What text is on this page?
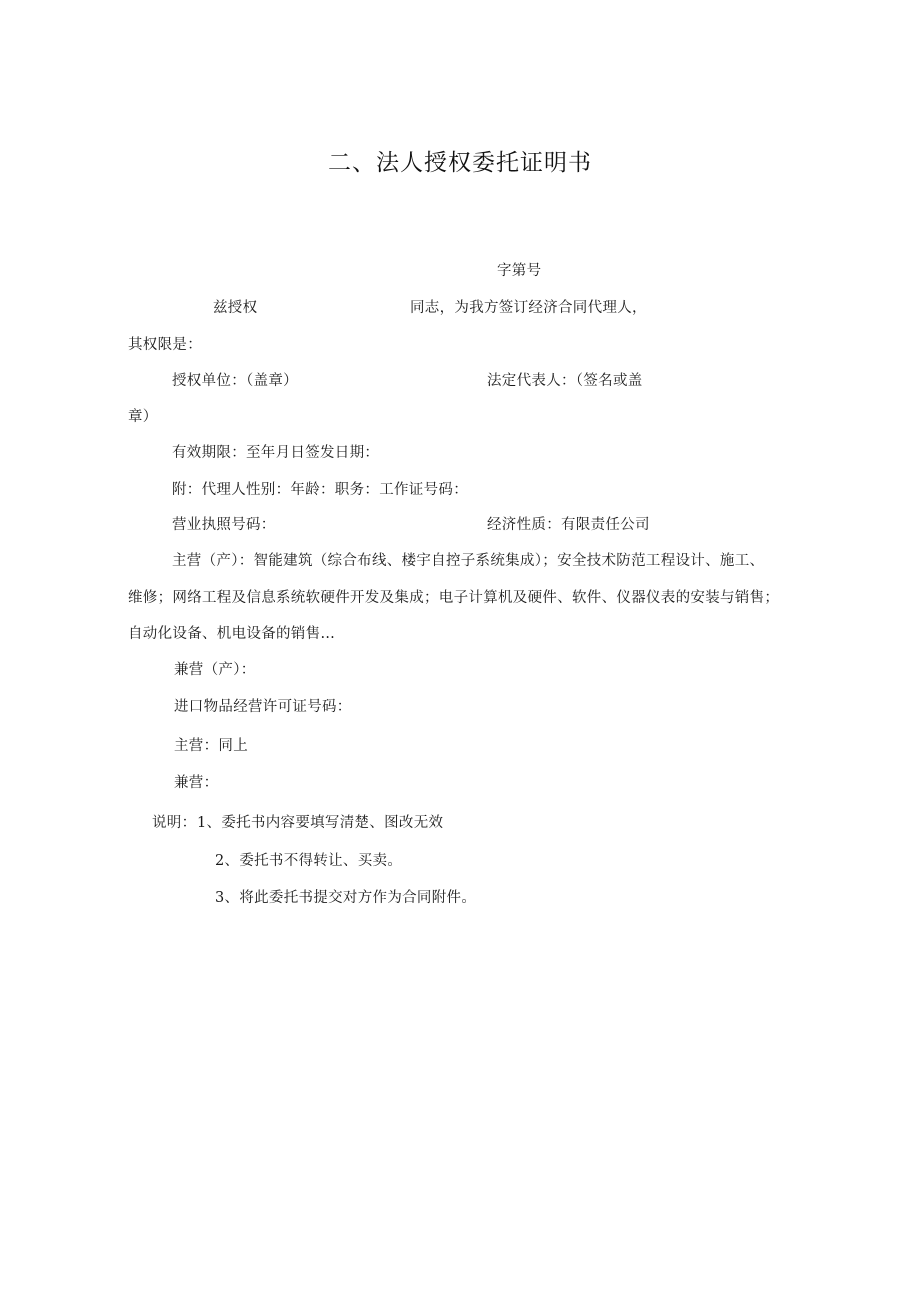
二、法人授权委托证明书
字第号
兹授权	同志，为我方签订经济合同代理人，
其权限是：
授权单位：（盖章）	法定代表人：（签名或盖
章）
有效期限：至年月日签发日期：
附：代理人性别：年龄：职务：工作证号码：
营业执照号码：	经济性质：有限责任公司
主营（产）：智能建筑（综合布线、楼宇自控子系统集成）；安全技术防范工程设计、施工、
维修；网络工程及信息系统软硬件开发及集成；电子计算机及硬件、软件、仪器仪表的安装与销售；
自动化设备、机电设备的销售…
兼营（产）：
进口物品经营许可证号码：
主营：同上
兼营：
说明： 1、委托书内容要填写清楚、图改无效
2、委托书不得转让、买卖。
3、将此委托书提交对方作为合同附件。
